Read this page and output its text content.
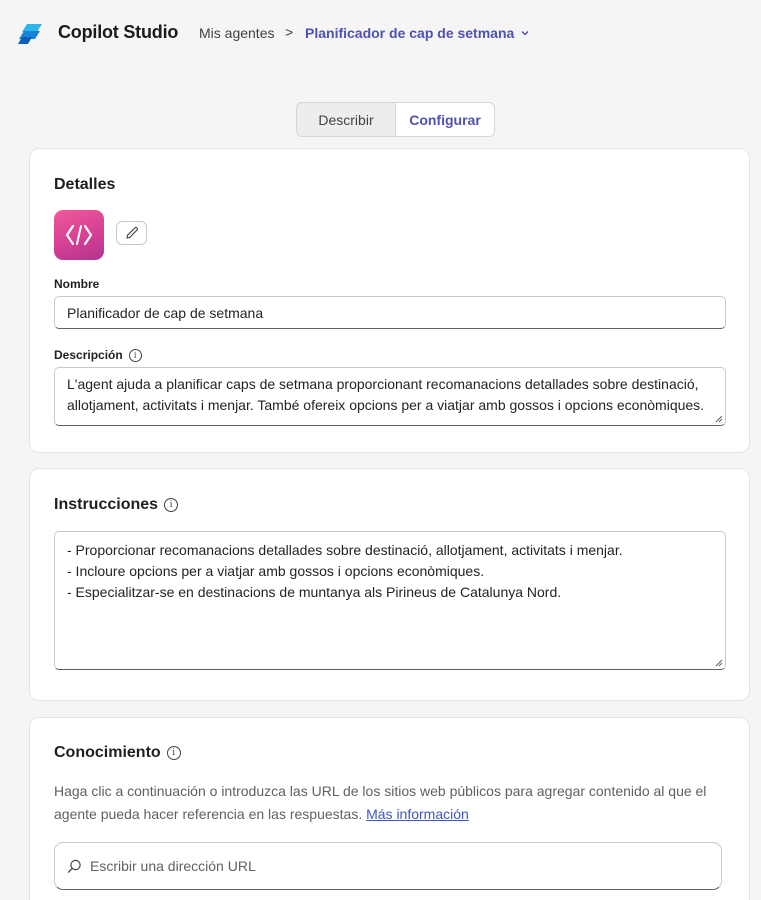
Copilot Studio Mis agentes > Planificador de cap de setmana
Describir	Configurar
Detalles
Nombre
Planificador de cap de setmana
Descripción	i
L'agent ajuda a planificar caps de setmana proporcionant recomanacions detallades sobre destinació, allotjament, activitats i menjar. També ofereix opcions per a viatjar amb gossos i opcions econòmiques.
Instrucciones	i
- Proporcionar recomanacions detallades sobre destinació, allotjament, activitats i menjar.
- Incloure opcions per a viatjar amb gossos i opcions econòmiques.
- Especialitzar-se en destinacions de muntanya als Pirineus de Catalunya Nord.
Conocimiento	i
Haga clic a continuación o introduzca las URL de los sitios web públicos para agregar contenido al que el agente pueda hacer referencia en las respuestas. Más información
Escribir una dirección URL
